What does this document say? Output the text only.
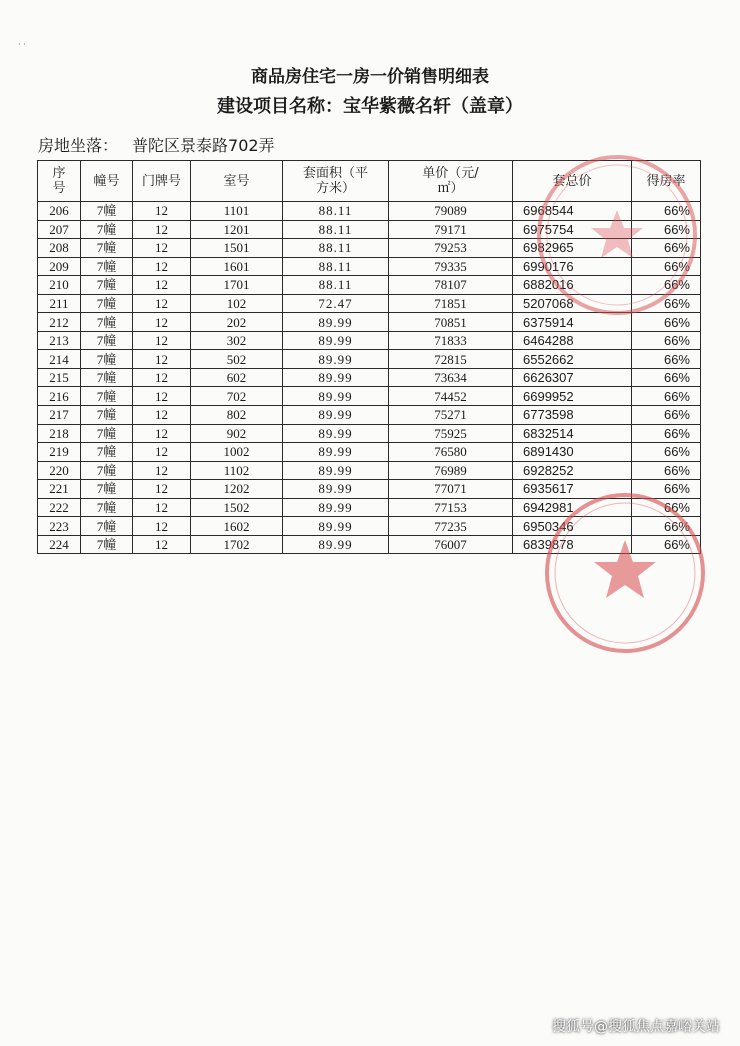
· ·
商品房住宅一房一价销售明细表
建设项目名称：宝华紫薇名轩（盖章）
房地坐落： 普陀区景泰路702弄
序号	幢号	门牌号	室号	套面积（平方米）	单价（元/㎡）	套总价	得房率
206	7幢	12	1101	88.11	79089	6968544	66%
207	7幢	12	1201	88.11	79171	6975754	66%
208	7幢	12	1501	88.11	79253	6982965	66%
209	7幢	12	1601	88.11	79335	6990176	66%
210	7幢	12	1701	88.11	78107	6882016	66%
211	7幢	12	102	72.47	71851	5207068	66%
212	7幢	12	202	89.99	70851	6375914	66%
213	7幢	12	302	89.99	71833	6464288	66%
214	7幢	12	502	89.99	72815	6552662	66%
215	7幢	12	602	89.99	73634	6626307	66%
216	7幢	12	702	89.99	74452	6699952	66%
217	7幢	12	802	89.99	75271	6773598	66%
218	7幢	12	902	89.99	75925	6832514	66%
219	7幢	12	1002	89.99	76580	6891430	66%
220	7幢	12	1102	89.99	76989	6928252	66%
221	7幢	12	1202	89.99	77071	6935617	66%
222	7幢	12	1502	89.99	77153	6942981	66%
223	7幢	12	1602	89.99	77235	6950346	66%
224	7幢	12	1702	89.99	76007	6839878	66%
搜狐号@搜狐焦点嘉峪关站
